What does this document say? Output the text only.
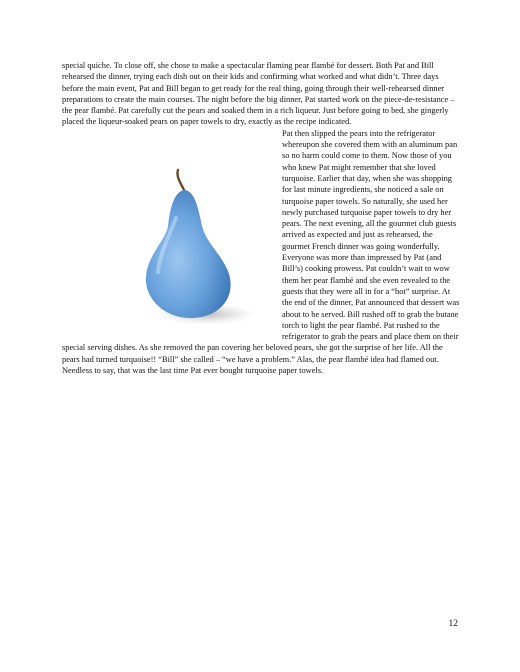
special quiche. To close off, she chose to make a spectacular flaming pear flambé for dessert. Both Pat and Bill rehearsed the dinner, trying each dish out on their kids and confirming what worked and what didn’t. Three days before the main event, Pat and Bill began to get ready for the real thing, going through their well-rehearsed dinner preparations to create the main courses. The night before the big dinner, Pat started work on the piece-de-resistance – the pear flambé. Pat carefully cut the pears and soaked them in a rich liqueur. Just before going to bed, she gingerly placed the liqueur-soaked pears on paper towels to dry, exactly as the recipe indicated.

Pat then slipped the pears into the refrigerator whereupon she covered them with an aluminum pan so no harm could come to them. Now those of you who knew Pat might remember that she loved turquoise. Earlier that day, when she was shopping for last minute ingredients, she noticed a sale on turquoise paper towels. So naturally, she used her newly purchased turquoise paper towels to dry her pears. The next evening, all the gourmet club guests arrived as expected and just as rehearsed, the gourmet French dinner was going wonderfully. Everyone was more than impressed by Pat (and Bill’s) cooking prowess. Pat couldn’t wait to wow them her pear flambé and she even revealed to the guests that they were all in for a “hot” surprise. At the end of the dinner, Pat announced that dessert was about to be served. Bill rushed off to grab the butane torch to light the pear flambé. Pat rushed to the refrigerator to grab the pears and place them on their special serving dishes. As she removed the pan covering her beloved pears, she got the surprise of her life. All the pears had turned turquoise!! “Bill” she called – “we have a problem.” Alas, the pear flambé idea had flamed out. Needless to say, that was the last time Pat ever bought turquoise paper towels.

12
